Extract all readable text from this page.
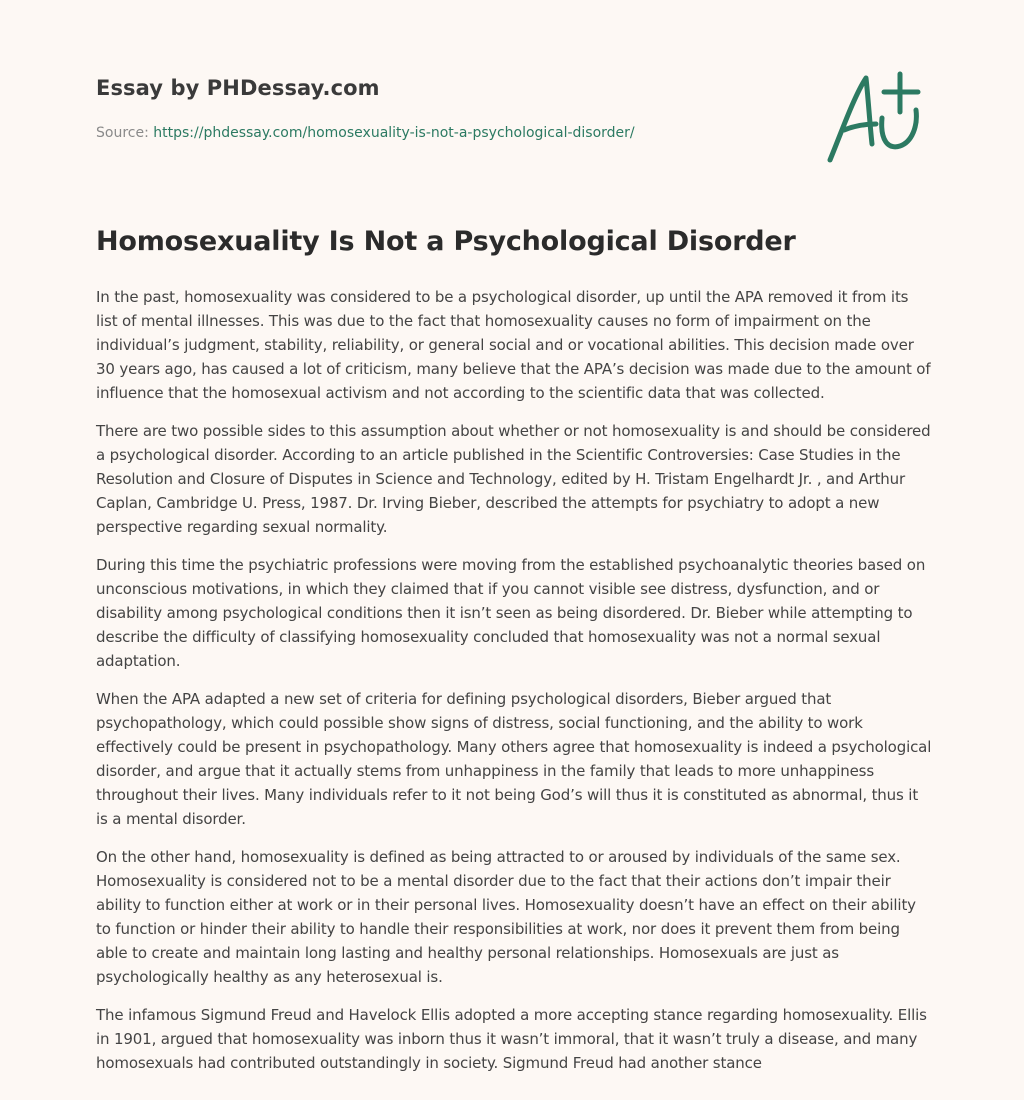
Essay by PHDessay.com
Source: https://phdessay.com/homosexuality-is-not-a-psychological-disorder/
Homosexuality Is Not a Psychological Disorder

In the past, homosexuality was considered to be a psychological disorder, up until the APA removed it from its list of mental illnesses. This was due to the fact that homosexuality causes no form of impairment on the individual’s judgment, stability, reliability, or general social and or vocational abilities. This decision made over 30 years ago, has caused a lot of criticism, many believe that the APA’s decision was made due to the amount of influence that the homosexual activism and not according to the scientific data that was collected.

There are two possible sides to this assumption about whether or not homosexuality is and should be considered a psychological disorder. According to an article published in the Scientific Controversies: Case Studies in the Resolution and Closure of Disputes in Science and Technology, edited by H. Tristam Engelhardt Jr. , and Arthur Caplan, Cambridge U. Press, 1987. Dr. Irving Bieber, described the attempts for psychiatry to adopt a new perspective regarding sexual normality.

During this time the psychiatric professions were moving from the established psychoanalytic theories based on unconscious motivations, in which they claimed that if you cannot visible see distress, dysfunction, and or disability among psychological conditions then it isn’t seen as being disordered. Dr. Bieber while attempting to describe the difficulty of classifying homosexuality concluded that homosexuality was not a normal sexual adaptation.

When the APA adapted a new set of criteria for defining psychological disorders, Bieber argued that psychopathology, which could possible show signs of distress, social functioning, and the ability to work effectively could be present in psychopathology. Many others agree that homosexuality is indeed a psychological disorder, and argue that it actually stems from unhappiness in the family that leads to more unhappiness throughout their lives. Many individuals refer to it not being God’s will thus it is constituted as abnormal, thus it is a mental disorder.

On the other hand, homosexuality is defined as being attracted to or aroused by individuals of the same sex. Homosexuality is considered not to be a mental disorder due to the fact that their actions don’t impair their ability to function either at work or in their personal lives. Homosexuality doesn’t have an effect on their ability to function or hinder their ability to handle their responsibilities at work, nor does it prevent them from being able to create and maintain long lasting and healthy personal relationships. Homosexuals are just as psychologically healthy as any heterosexual is.

The infamous Sigmund Freud and Havelock Ellis adopted a more accepting stance regarding homosexuality. Ellis in 1901, argued that homosexuality was inborn thus it wasn’t immoral, that it wasn’t truly a disease, and many homosexuals had contributed outstandingly in society. Sigmund Freud had another stance
